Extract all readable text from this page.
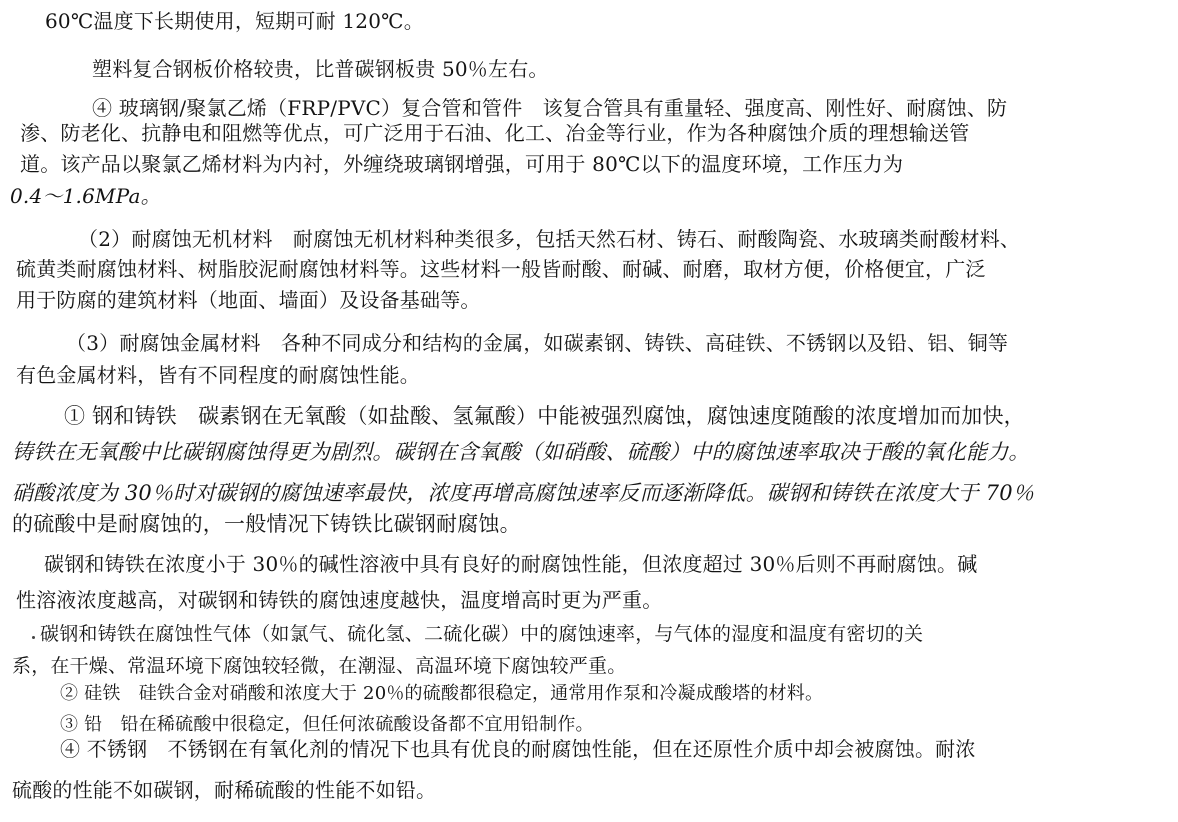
60℃温度下长期使用，短期可耐 120℃。
塑料复合钢板价格较贵，比普碳钢板贵 50％左右。
④ 玻璃钢/聚氯乙烯（FRP/PVC）复合管和管件　该复合管具有重量轻、强度高、刚性好、耐腐蚀、防
渗、防老化、抗静电和阻燃等优点，可广泛用于石油、化工、冶金等行业，作为各种腐蚀介质的理想输送管
道。该产品以聚氯乙烯材料为内衬，外缠绕玻璃钢增强，可用于 80℃以下的温度环境，工作压力为
0.4～1.6MPa。
（2）耐腐蚀无机材料　耐腐蚀无机材料种类很多，包括天然石材、铸石、耐酸陶瓷、水玻璃类耐酸材料、
硫黄类耐腐蚀材料、树脂胶泥耐腐蚀材料等。这些材料一般皆耐酸、耐碱、耐磨，取材方便，价格便宜，广泛
用于防腐的建筑材料（地面、墙面）及设备基础等。
（3）耐腐蚀金属材料　各种不同成分和结构的金属，如碳素钢、铸铁、高硅铁、不锈钢以及铅、铝、铜等
有色金属材料，皆有不同程度的耐腐蚀性能。
① 钢和铸铁　碳素钢在无氧酸（如盐酸、氢氟酸）中能被强烈腐蚀，腐蚀速度随酸的浓度增加而加快，
铸铁在无氧酸中比碳钢腐蚀得更为剧烈。碳钢在含氧酸（如硝酸、硫酸）中的腐蚀速率取决于酸的氧化能力。
硝酸浓度为 30％时对碳钢的腐蚀速率最快，浓度再增高腐蚀速率反而逐渐降低。碳钢和铸铁在浓度大于 70％
的硫酸中是耐腐蚀的，一般情况下铸铁比碳钢耐腐蚀。
碳钢和铸铁在浓度小于 30％的碱性溶液中具有良好的耐腐蚀性能，但浓度超过 30％后则不再耐腐蚀。碱
性溶液浓度越高，对碳钢和铸铁的腐蚀速度越快，温度增高时更为严重。
碳钢和铸铁在腐蚀性气体（如氯气、硫化氢、二硫化碳）中的腐蚀速率，与气体的湿度和温度有密切的关
系，在干燥、常温环境下腐蚀较轻微，在潮湿、高温环境下腐蚀较严重。
② 硅铁　硅铁合金对硝酸和浓度大于 20％的硫酸都很稳定，通常用作泵和冷凝成酸塔的材料。
③ 铅　铅在稀硫酸中很稳定，但任何浓硫酸设备都不宜用铅制作。
④ 不锈钢　不锈钢在有氧化剂的情况下也具有优良的耐腐蚀性能，但在还原性介质中却会被腐蚀。耐浓
硫酸的性能不如碳钢，耐稀硫酸的性能不如铅。
